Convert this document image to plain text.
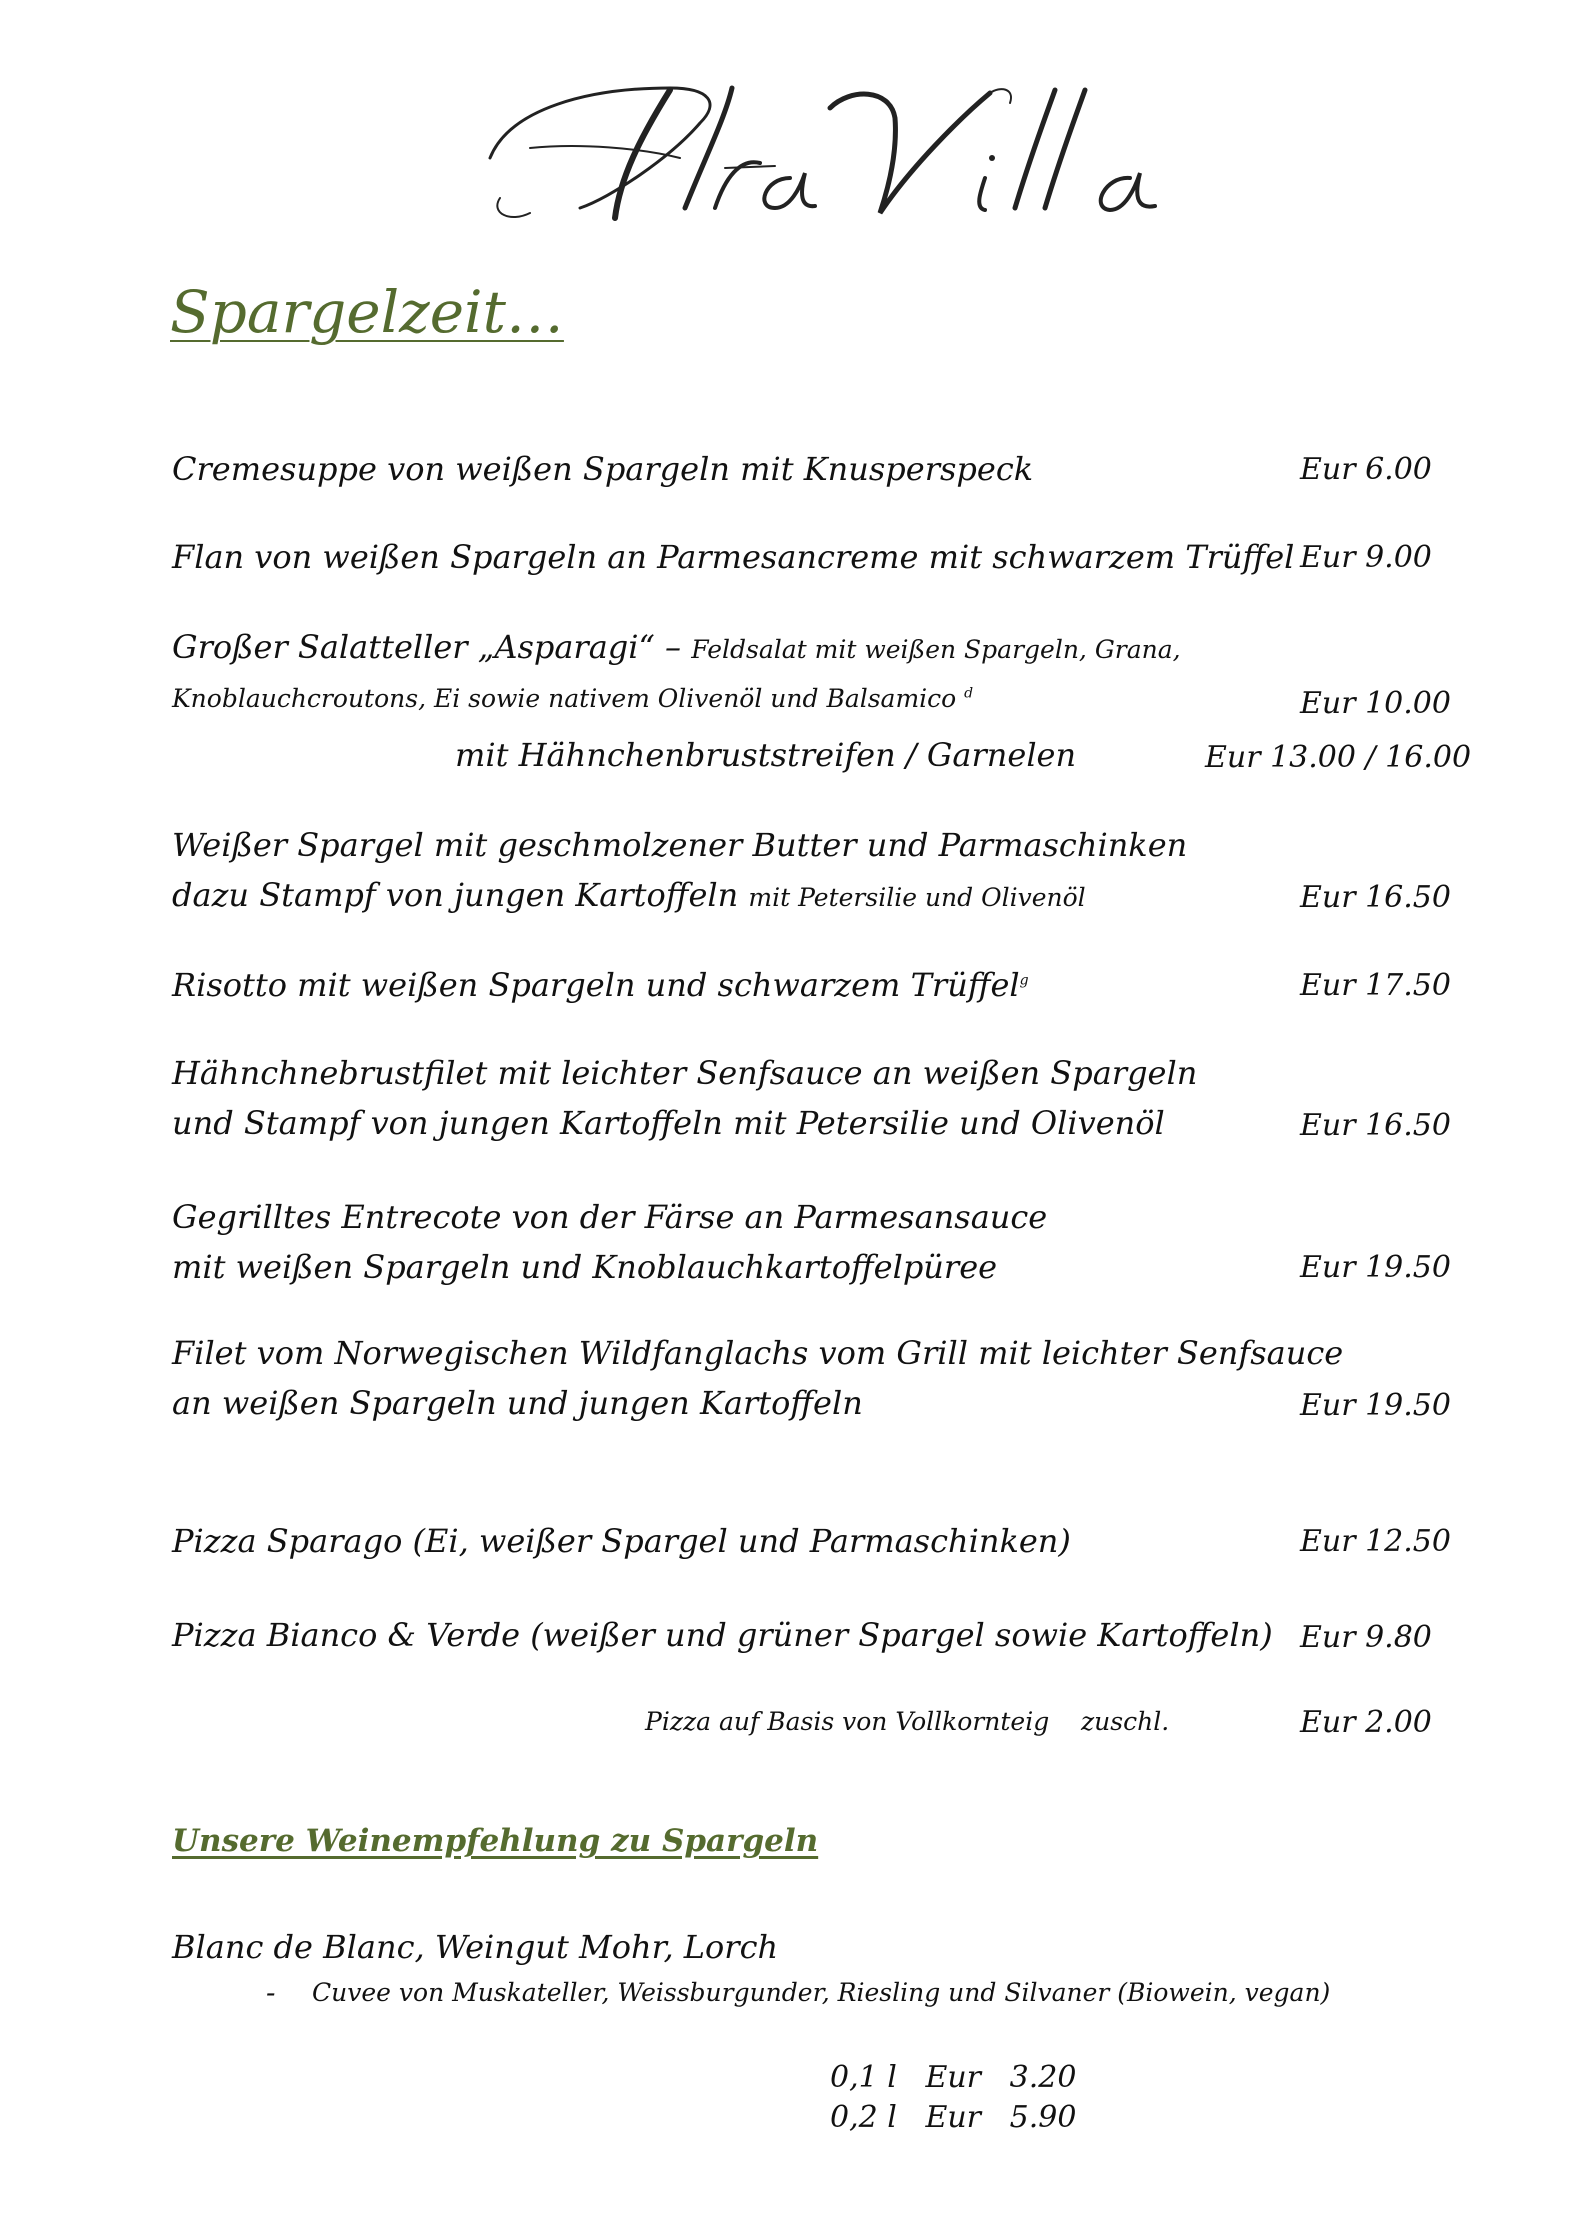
Spargelzeit…
Cremesuppe von weißen Spargeln mit Knusperspeck	Eur 6.00
Flan von weißen Spargeln an Parmesancreme mit schwarzem Trüffel Eur 9.00
Großer Salatteller „Asparagi“ – Feldsalat mit weißen Spargeln, Grana,
Knoblauchcroutons, Ei sowie nativem Olivenöl und Balsamico $^d$	Eur 10.00
mit Hähnchenbruststreifen / Garnelen	Eur 13.00 / 16.00
Weißer Spargel mit geschmolzener Butter und Parmaschinken
dazu Stampf von jungen Kartoffeln mit Petersilie und Olivenöl	Eur 16.50
Risotto mit weißen Spargeln und schwarzem Trüffel$^g$	Eur 17.50
Hähnchnebrustfilet mit leichter Senfsauce an weißen Spargeln
und Stampf von jungen Kartoffeln mit Petersilie und Olivenöl	Eur 16.50
Gegrilltes Entrecote von der Färse an Parmesansauce
mit weißen Spargeln und Knoblauchkartoffelpüree	Eur 19.50
Filet vom Norwegischen Wildfanglachs vom Grill mit leichter Senfsauce
an weißen Spargeln und jungen Kartoffeln	Eur 19.50
Pizza Sparago (Ei, weißer Spargel und Parmaschinken)	Eur 12.50
Pizza Bianco & Verde (weißer und grüner Spargel sowie Kartoffeln) Eur 9.80
Pizza auf Basis von Vollkornteig    zuschl.	Eur 2.00
Unsere Weinempfehlung zu Spargeln
Blanc de Blanc, Weingut Mohr, Lorch
- Cuvee von Muskateller, Weissburgunder, Riesling und Silvaner (Biowein, vegan)
0,1 l Eur   3.20
0,2 l Eur   5.90
